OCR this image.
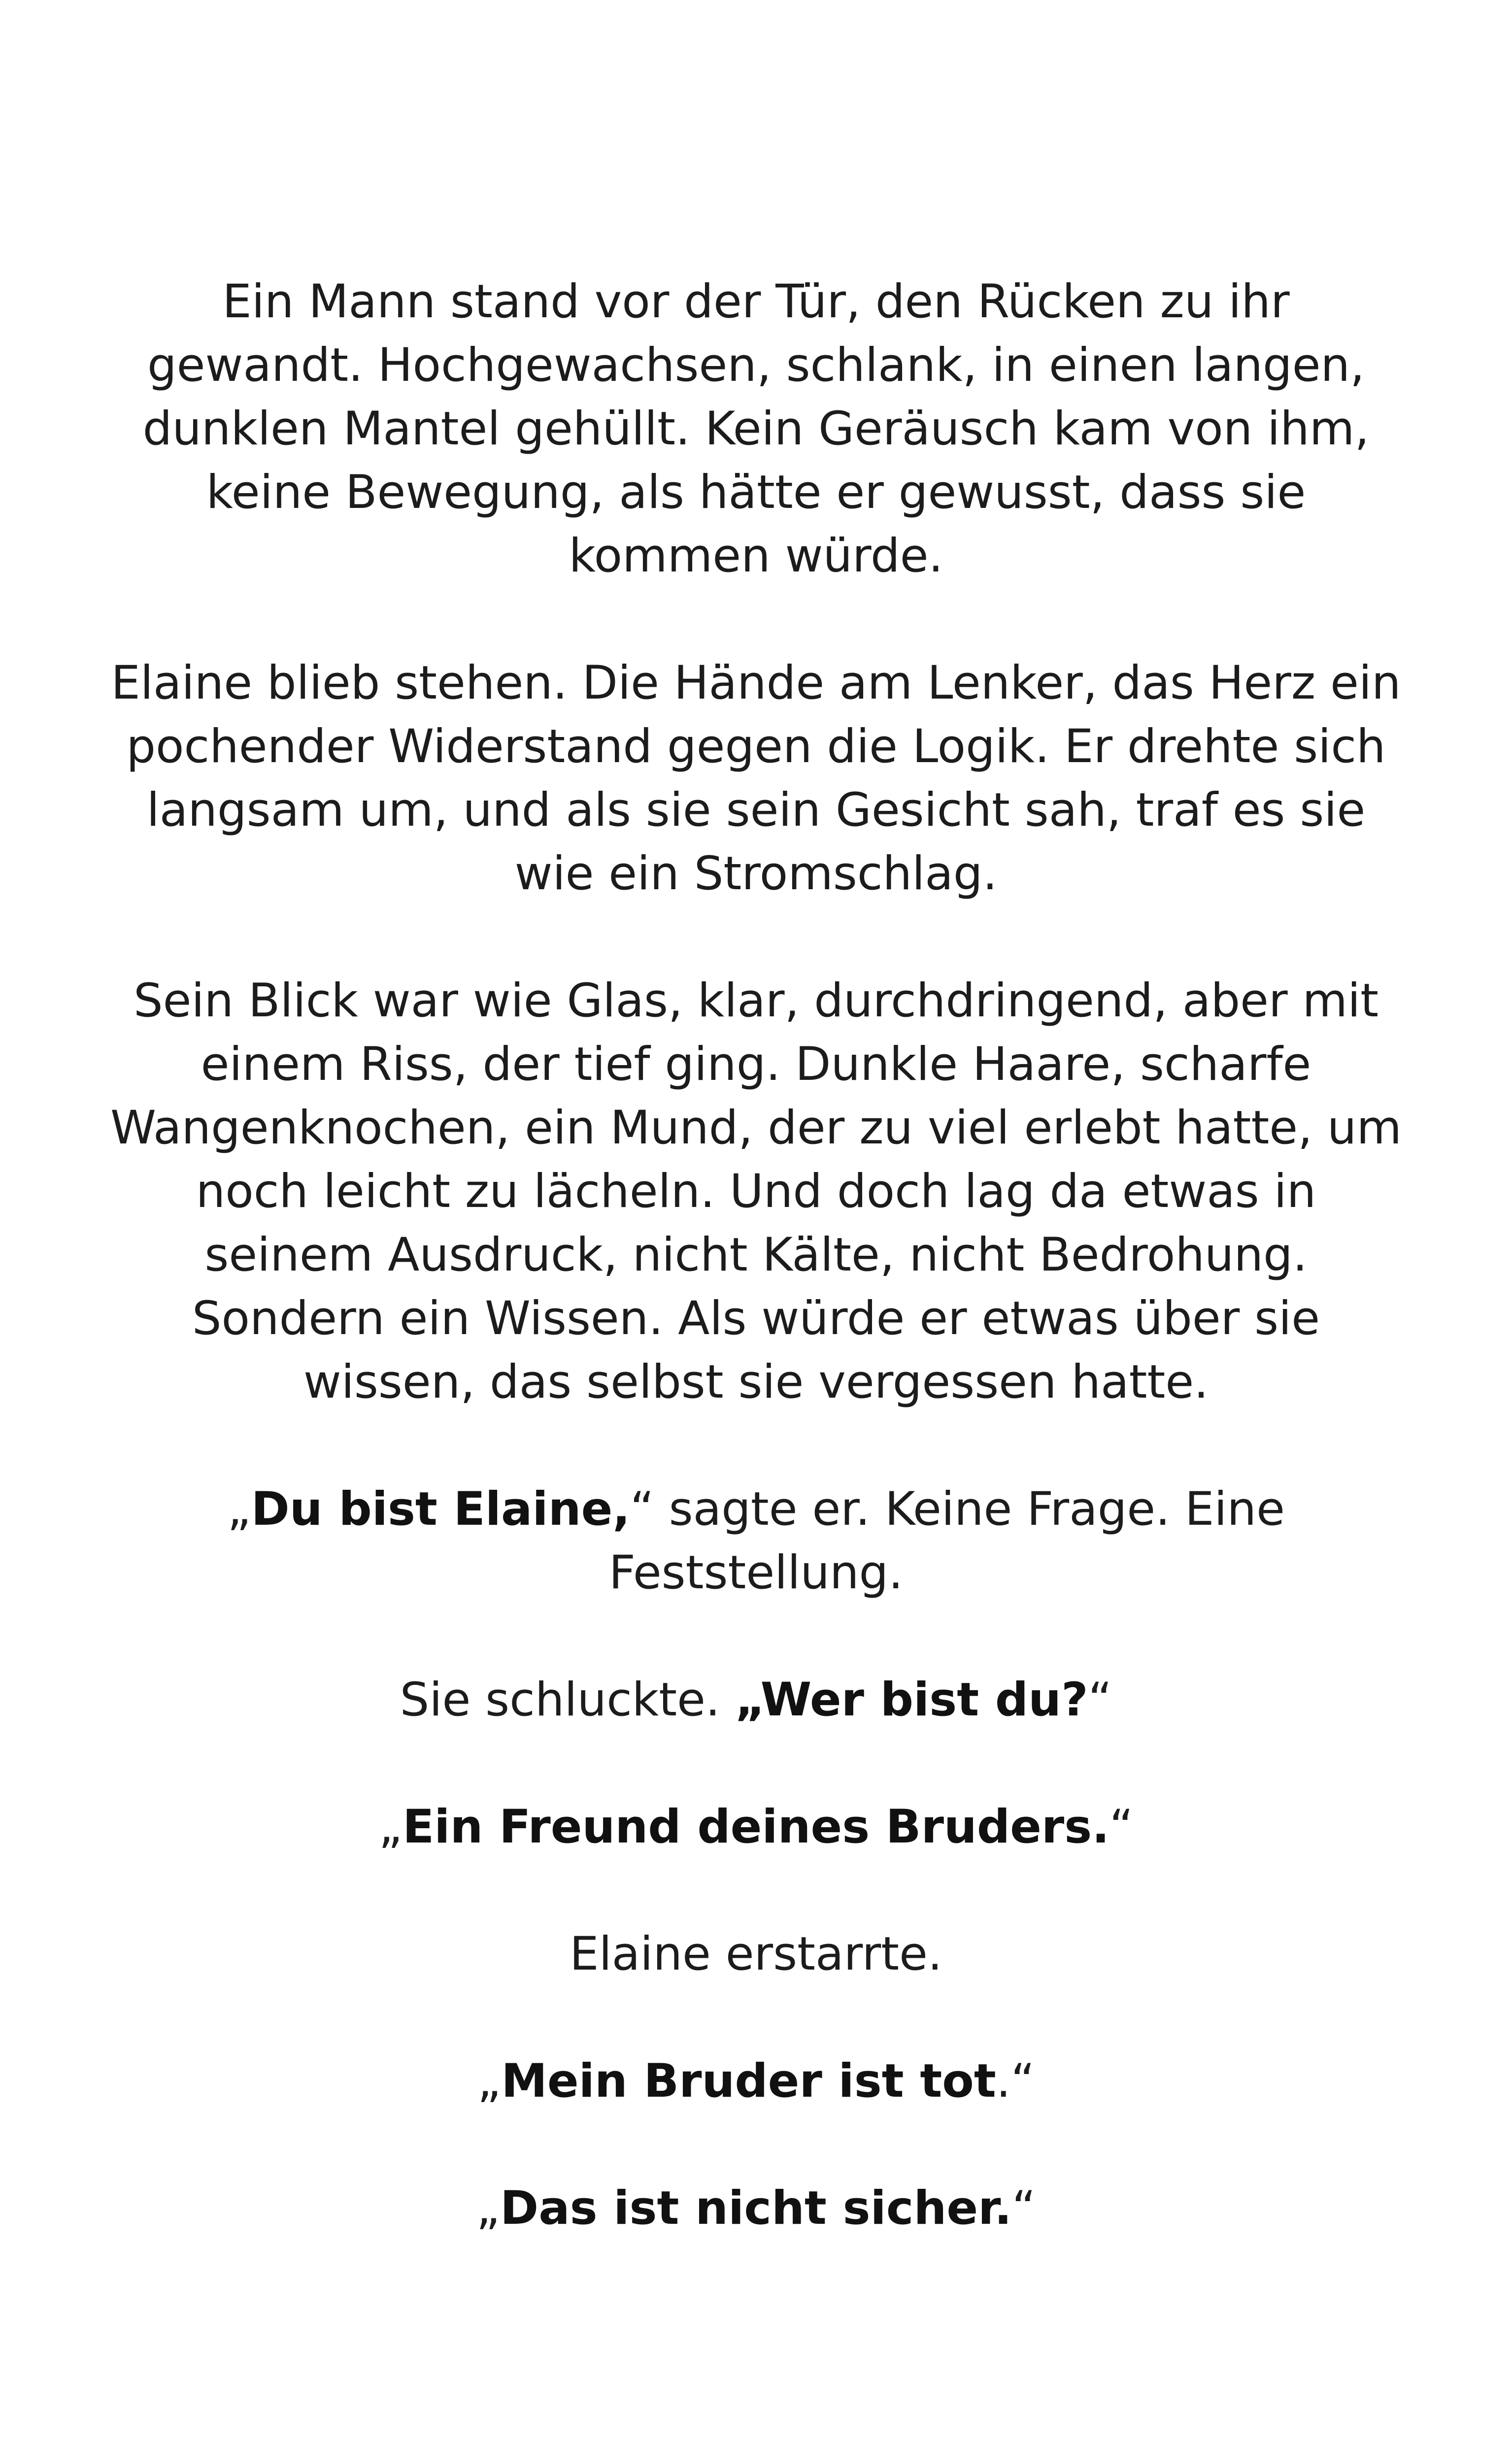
Ein Mann stand vor der Tür, den Rücken zu ihr gewandt. Hochgewachsen, schlank, in einen langen, dunklen Mantel gehüllt. Kein Geräusch kam von ihm, keine Bewegung, als hätte er gewusst, dass sie kommen würde.

Elaine blieb stehen. Die Hände am Lenker, das Herz ein pochender Widerstand gegen die Logik. Er drehte sich langsam um, und als sie sein Gesicht sah, traf es sie wie ein Stromschlag.

Sein Blick war wie Glas, klar, durchdringend, aber mit einem Riss, der tief ging. Dunkle Haare, scharfe Wangenknochen, ein Mund, der zu viel erlebt hatte, um noch leicht zu lächeln. Und doch lag da etwas in seinem Ausdruck, nicht Kälte, nicht Bedrohung. Sondern ein Wissen. Als würde er etwas über sie wissen, das selbst sie vergessen hatte.

„Du bist Elaine,“ sagte er. Keine Frage. Eine Feststellung.

Sie schluckte. „Wer bist du?“

„Ein Freund deines Bruders.“

Elaine erstarrte.

„Mein Bruder ist tot.“

„Das ist nicht sicher.“
